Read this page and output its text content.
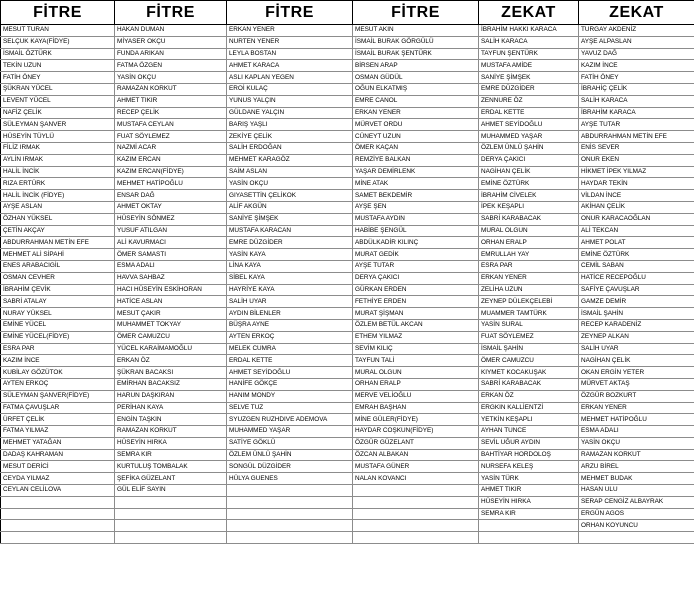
FİTRE	FİTRE	FİTRE	FİTRE	ZEKAT	ZEKAT
MESUT TURAN	HAKAN DUMAN	ERKAN YENER	MESUT AKIN	İBRAHİM HAKKI KARACA	TURGAY AKDENİZ
SELÇUK KAYA(FİDYE)	MİYASER OKÇU	NURTEN YENER	İSMAİL BURAK GÖRGÜLÜ	SALİH KARACA	AYŞE ALPASLAN
İSMAİL ÖZTÜRK	FUNDA ARIKAN	LEYLA BOSTAN	İSMAİL BURAK ŞENTÜRK	TAYFUN ŞENTÜRK	YAVUZ DAĞ
TEKİN UZUN	FATMA ÖZGEN	AHMET KARACA	BİRSEN ARAP	MUSTAFA AMİDE	KAZIM İNCE
FATİH ÖNEY	YASİN OKÇU	ASLI KAPLAN YEGEN	OSMAN GÜDÜL	SANİYE ŞİMŞEK	FATİH ÖNEY
ŞÜKRAN YÜCEL	RAMAZAN KORKUT	EROİ KULAÇ	OĞUN ELKATMIŞ	EMRE DÜZGİDER	İBRAHİÇ ÇELİK
LEVENT YÜCEL	AHMET TIKIR	YUNUS YALÇIN	EMRE CANOL	ZENNURE ÖZ	SALİH KARACA
NAFİZ ÇELİK	RECEP ÇELİK	GÜLDANE YALÇIN	ERKAN YENER	ERDAL KETTE	İBRAHİM KARACA
SÜLEYMAN ŞANVER	MUSTAFA CEYLAN	BARIŞ YAŞLI	MÜRVET ORDU	AHMET SEYİDOĞLU	AYŞE TUTAR
HÜSEYİN TÜYLÜ	FUAT SÖYLEMEZ	ZEKİYE ÇELİK	CÜNEYT UZUN	MUHAMMED YAŞAR	ABDURRAHMAN METİN EFE
FİLİZ IRMAK	NAZMİ ACAR	SALİH ERDOĞAN	ÖMER KAÇAN	ÖZLEM ÜNLÜ ŞAHİN	ENİS SEVER
AYLİN IRMAK	KAZIM ERCAN	MEHMET KARAGÖZ	REMZİYE BALKAN	DERYA ÇAKICI	ONUR EKEN
HALİL İNCİK	KAZIM ERCAN(FİDYE)	SAİM ASLAN	YAŞAR DEMİRLENK	NAGİHAN ÇELİK	HİKMET İPEK YILMAZ
RIZA ERTÜRK	MEHMET HATİPOĞLU	YASİN OKÇU	MİNE ATAK	EMİNE ÖZTÜRK	HAYDAR TEKİN
HALİL İNCİK (FİDYE)	ENSAR DAĞ	GIYASETTİN ÇELİKOK	SAMET BEKDEMİR	İBRAHİM CİVELEK	VİLDAN İNCE
AYŞE ASLAN	AHMET OKTAY	ALİF AKGÜN	AYŞE ŞEN	İPEK KEŞAPLI	AKİHAN ÇELİK
ÖZHAN YÜKSEL	HÜSEYİN SÖNMEZ	SANİYE ŞİMŞEK	MUSTAFA AYDIN	SABRİ KARABACAK	ONUR KARACAOĞLAN
ÇETİN AKÇAY	YUSUF ATILGAN	MUSTAFA KARACAN	HABİBE ŞENGÜL	MURAL OLGUN	ALİ TEKCAN
ABDURRAHMAN METİN EFE	ALİ KAVURMACI	EMRE DÜZGİDER	ABDÜLKADİR KILINÇ	ORHAN ERALP	AHMET POLAT
MEHMET ALİ SİPAHİ	ÖMER SAMASTI	YASİN KAYA	MURAT GEDİK	EMRULLAH YAY	EMİNE ÖZTÜRK
ENES ARABACIGİL	ESMA ADALI	LİNA KAYA	AYŞE TUTAR	ESRA PAR	CEMİL SABAN
OSMAN CEVHER	HAVVA SAHBAZ	SİBEL KAYA	DERYA ÇAKICI	ERKAN YENER	HATİCE RECEPOĞLU
İBRAHİM ÇEVİK	HACI HÜSEYİN ESKİHORAN	HAYRİYE KAYA	GÜRKAN ERDEN	ZELİHA UZUN	SAFİYE ÇAVUŞLAR
SABRİ ATALAY	HATİCE ASLAN	SALİH UYAR	FETHİYE ERDEN	ZEYNEP DÜLEKÇELEBİ	GAMZE DEMİR
NURAY YÜKSEL	MESUT ÇAKIR	AYDIN BİLENLER	MURAT ŞİŞMAN	MUAMMER TAMTÜRK	İSMAİL ŞAHİN
EMİNE YÜCEL	MUHAMMET TOKYAY	BÜŞRA AYNE	ÖZLEM BETÜL AKCAN	YASİN SURAL	RECEP KARADENİZ
EMİNE YÜCEL(FİDYE)	ÖMER CAMUZCU	AYTEN ERKOÇ	ETHEM YILMAZ	FUAT SÖYLEMEZ	ZEYNEP ALKAN
ESRA PAR	YÜCEL KARAİMAMOĞLU	MELEK CUMRA	SEVİM KILIÇ	İSMAİL ŞAHİN	SALİH UYAR
KAZIM İNCE	ERKAN ÖZ	ERDAL KETTE	TAYFUN TALİ	ÖMER CAMUZCU	NAGİHAN ÇELİK
KUBİLAY GÖZÜTOK	ŞÜKRAN BACAKSI	AHMET SEYİDOĞLU	MURAL OLGUN	KIYMET KOCAKUŞAK	OKAN ERGİN YETER
AYTEN ERKOÇ	EMİRHAN BACAKSIZ	HANİFE GÖKÇE	ORHAN ERALP	SABRİ KARABACAK	MÜRVET AKTAŞ
SÜLEYMAN ŞANVER(FİDYE)	HARUN DAŞKIRAN	HANIM MONDY	MERVE VELİOĞLU	ERKAN ÖZ	ÖZGÜR BOZKURT
FATMA ÇAVUŞLAR	PERİHAN KAYA	SELVE TUZ	EMRAH BAŞHAN	ERGKIN KALLİENTZİ	ERKAN YENER
ÜRFET ÇELİK	ENGİN TAŞKIN	SYUZGEN RUZHDIVE ADEMOVA	MİNE GÜLER(FİDYE)	YETKİN KEŞAPLI	MEHMET HATİPOĞLU
FATMA YILMAZ	RAMAZAN KORKUT	MUHAMMED YAŞAR	HAYDAR COŞKUN(FİDYE)	AYHAN TUNCE	ESMA ADALI
MEHMET YATAĞAN	HÜSEYİN HIRKA	SATİYE GÖKLÜ	ÖZGÜR GÜZELANT	SEVİL UĞUR AYDIN	YASİN OKÇU
DADAŞ KAHRAMAN	SEMRA KIR	ÖZLEM ÜNLÜ ŞAHİN	ÖZCAN ALBAKAN	BAHTİYAR HORDOLOŞ	RAMAZAN KORKUT
MESUT DERİCİ	KURTULUŞ TOMBALAK	SONGÜL DÜZGİDER	MUSTAFA GÜNER	NURSEFA KELEŞ	ARZU BİREL
CEYDA YILMAZ	ŞEFİKA GÜZELANT	HÜLYA GUENES	NALAN KOVANCI	YASİN TÜRK	MEHMET BUDAK
CEYLAN CELİLOVA	GÜL ELİF SAYIN			AHMET TIKIR	HASAN ULU
				HÜSEYİN HIRKA	SERAP CENGİZ ALBAYRAK
				SEMRA KIR	ERGÜN AGOS
					ORHAN KOYUNCU
